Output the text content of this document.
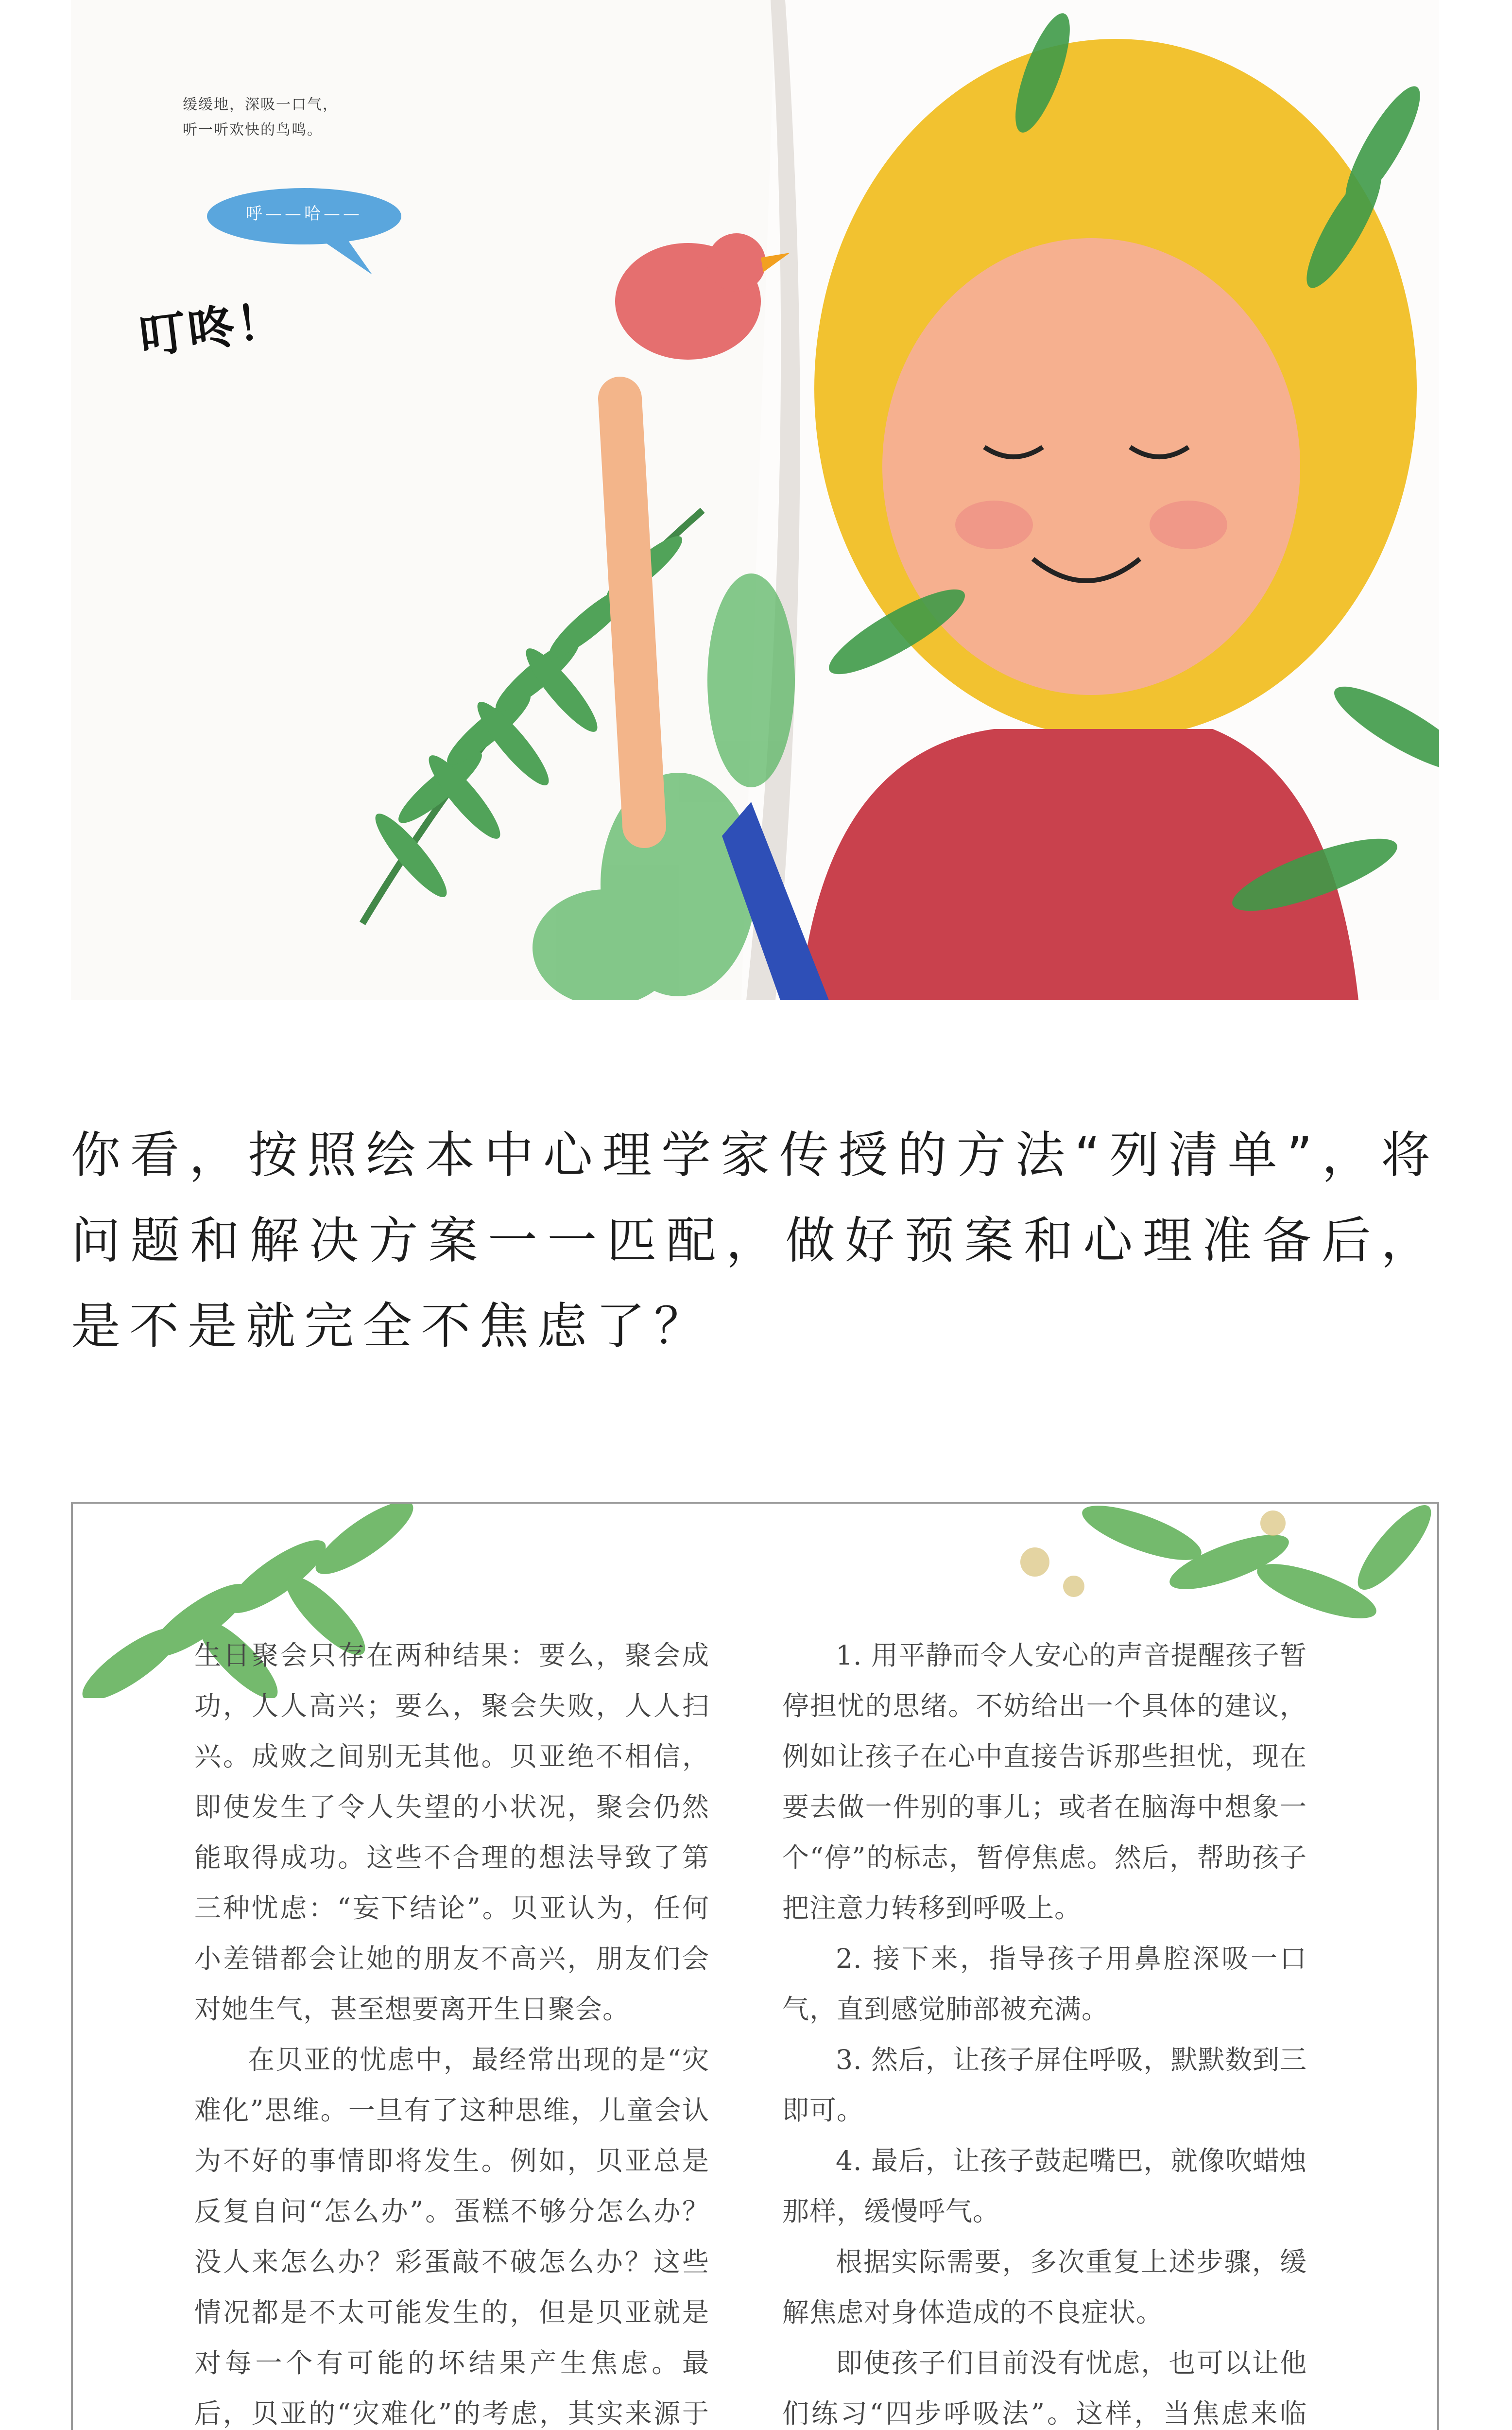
缓缓地，深吸一口气，
听一听欢快的鸟鸣。
呼——哈——
叮咚！
你看，按照绘本中心理学家传授的方法“列清单”，将问题和解决方案一一匹配，做好预案和心理准备后，是不是就完全不焦虑了？

生日聚会只存在两种结果：要么，聚会成功，人人高兴；要么，聚会失败，人人扫兴。成败之间别无其他。贝亚绝不相信，即使发生了令人失望的小状况，聚会仍然能取得成功。这些不合理的想法导致了第三种忧虑：“妄下结论”。贝亚认为，任何小差错都会让她的朋友不高兴，朋友们会对她生气，甚至想要离开生日聚会。

在贝亚的忧虑中，最经常出现的是“灾难化”思维。一旦有了这种思维，儿童会认为不好的事情即将发生。例如，贝亚总是反复自问“怎么办”。蛋糕不够分怎么办？没人来怎么办？彩蛋敲不破怎么办？这些情况都是不太可能发生的，但是贝亚就是对每一个有可能的坏结果产生焦虑。最后，贝亚的“灾难化”的考虑，其实来源于

1. 用平静而令人安心的声音提醒孩子暂停担忧的思绪。不妨给出一个具体的建议，例如让孩子在心中直接告诉那些担忧，现在要去做一件别的事儿；或者在脑海中想象一个“停”的标志，暂停焦虑。然后，帮助孩子把注意力转移到呼吸上。

2. 接下来，指导孩子用鼻腔深吸一口气，直到感觉肺部被充满。

3. 然后，让孩子屏住呼吸，默默数到三即可。

4. 最后，让孩子鼓起嘴巴，就像吹蜡烛那样，缓慢呼气。

根据实际需要，多次重复上述步骤，缓解焦虑对身体造成的不良症状。

即使孩子们目前没有忧虑，也可以让他们练习“四步呼吸法”。这样，当焦虑来临
